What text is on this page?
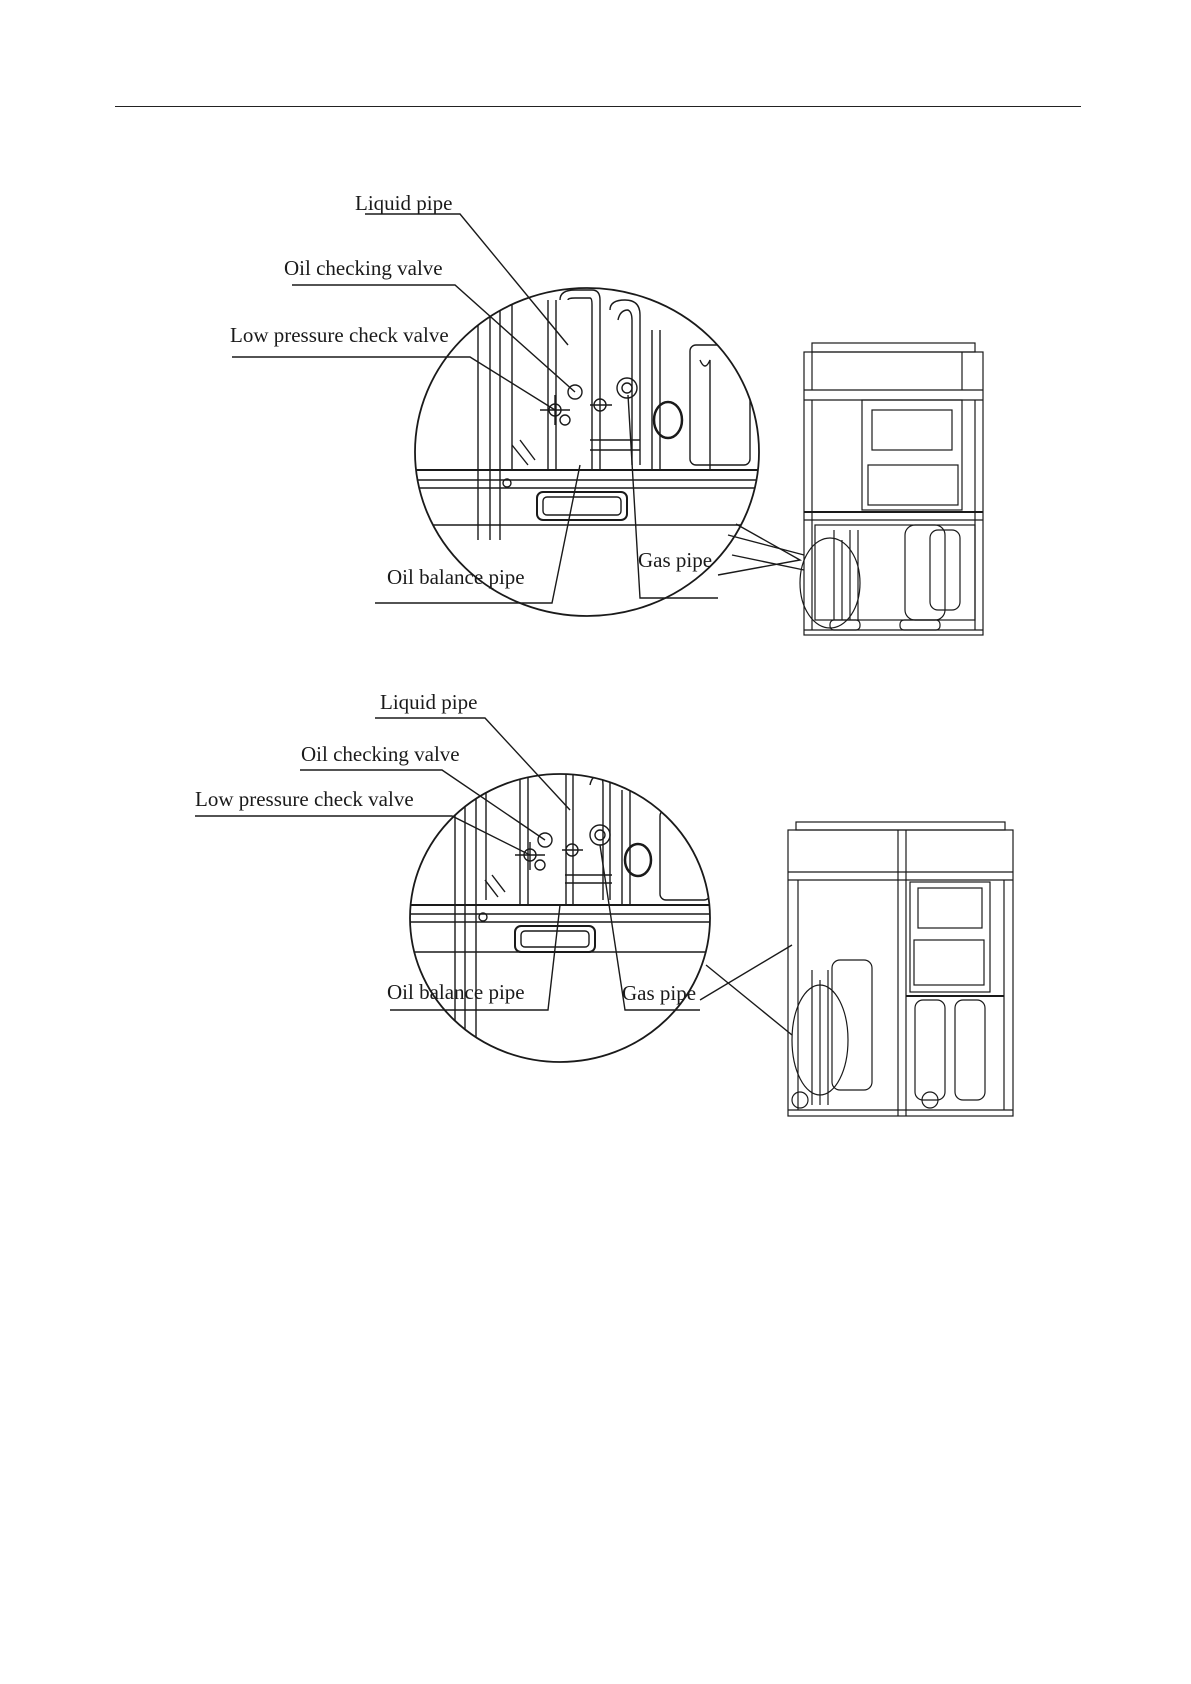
Liquid pipe
Oil checking valve
Low pressure check valve
Oil balance pipe
Gas pipe
Liquid pipe
Oil checking valve
Low pressure check valve
Oil balance pipe	Gas pipe
